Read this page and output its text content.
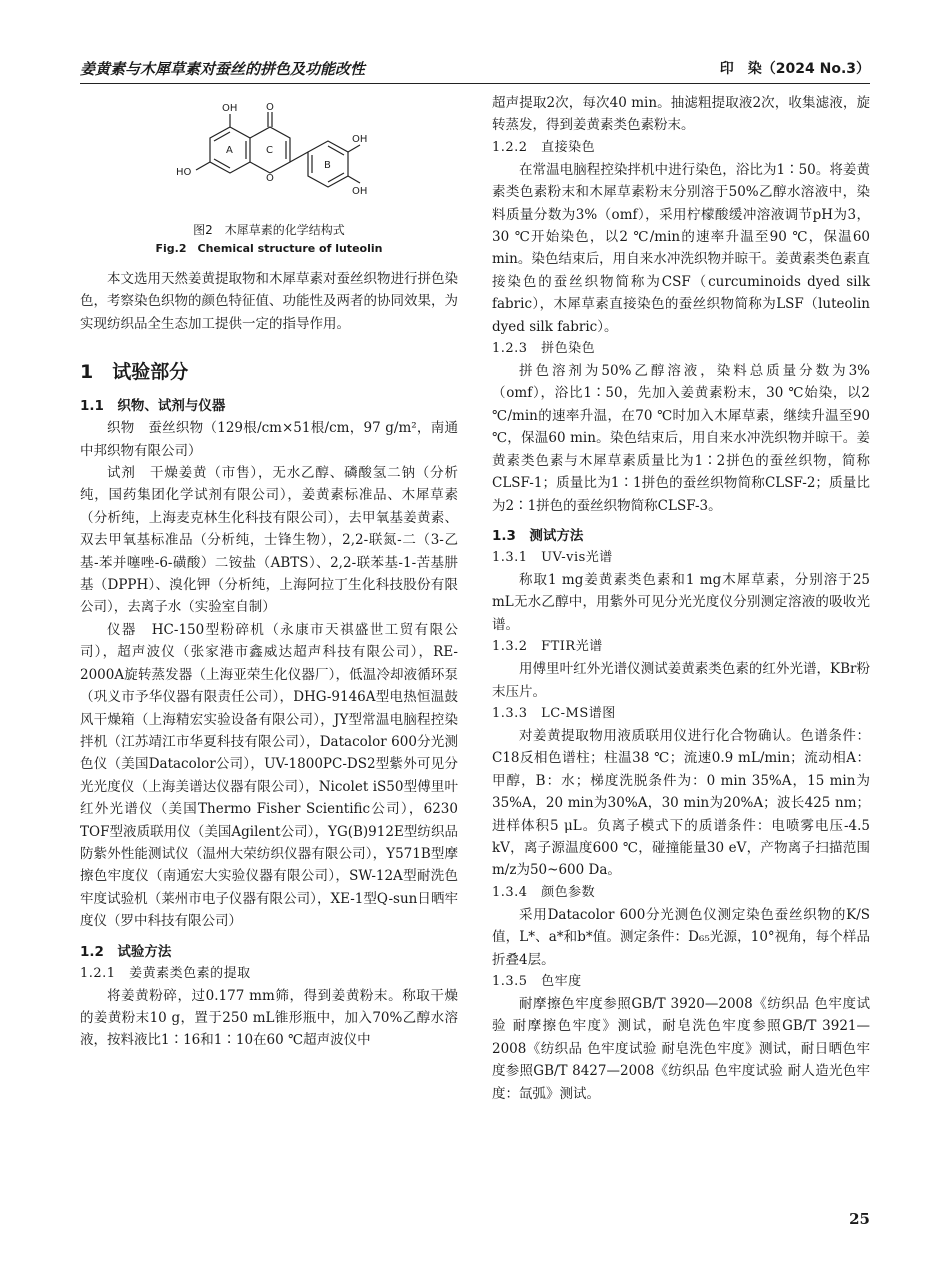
姜黄素与木犀草素对蚕丝的拼色及功能改性	印　染（2024 No.3）
OH	O
HO
O
OH
OH
A	C
B
图2　木犀草素的化学结构式
Fig.2　Chemical structure of luteolin

本文选用天然姜黄提取物和木犀草素对蚕丝织物进行拼色染色，考察染色织物的颜色特征值、功能性及两者的协同效果，为实现纺织品全生态加工提供一定的指导作用。

1　试验部分
1.1　织物、试剂与仪器

织物　蚕丝织物（129根/cm×51根/cm，97 g/m²，南通中邦织物有限公司）

试剂　干燥姜黄（市售），无水乙醇、磷酸氢二钠（分析纯，国药集团化学试剂有限公司），姜黄素标准品、木犀草素（分析纯，上海麦克林生化科技有限公司），去甲氧基姜黄素、双去甲氧基标准品（分析纯，士锋生物），2,2-联氮-二（3-乙基-苯并噻唑-6-磺酸）二铵盐（ABTS）、2,2-联苯基-1-苦基肼基（DPPH）、溴化钾（分析纯，上海阿拉丁生化科技股份有限公司），去离子水（实验室自制）

仪器　HC-150型粉碎机（永康市天祺盛世工贸有限公司），超声波仪（张家港市鑫威达超声科技有限公司），RE-2000A旋转蒸发器（上海亚荣生化仪器厂），低温冷却液循环泵（巩义市予华仪器有限责任公司），DHG-9146A型电热恒温鼓风干燥箱（上海精宏实验设备有限公司），JY型常温电脑程控染拌机（江苏靖江市华夏科技有限公司），Datacolor 600分光测色仪（美国Datacolor公司），UV-1800PC-DS2型紫外可见分光光度仪（上海美谱达仪器有限公司），Nicolet iS50型傅里叶红外光谱仪（美国Thermo Fisher Scientific公司），6230 TOF型液质联用仪（美国Agilent公司），YG(B)912E型纺织品防紫外性能测试仪（温州大荣纺织仪器有限公司），Y571B型摩擦色牢度仪（南通宏大实验仪器有限公司），SW-12A型耐洗色牢度试验机（莱州市电子仪器有限公司），XE-1型Q-sun日晒牢度仪（罗中科技有限公司）

1.2　试验方法
1.2.1　姜黄素类色素的提取

将姜黄粉碎，过0.177 mm筛，得到姜黄粉末。称取干燥的姜黄粉末10 g，置于250 mL锥形瓶中，加入70%乙醇水溶液，按料液比1∶16和1∶10在60 ℃超声波仪中

超声提取2次，每次40 min。抽滤粗提取液2次，收集滤液，旋转蒸发，得到姜黄素类色素粉末。

1.2.2　直接染色

在常温电脑程控染拌机中进行染色，浴比为1∶50。将姜黄素类色素粉末和木犀草素粉末分别溶于50%乙醇水溶液中，染料质量分数为3%（omf），采用柠檬酸缓冲溶液调节pH为3，30 ℃开始染色，以2 ℃/min的速率升温至90 ℃，保温60 min。染色结束后，用自来水冲洗织物并晾干。姜黄素类色素直接染色的蚕丝织物简称为CSF（curcuminoids dyed silk fabric），木犀草素直接染色的蚕丝织物简称为LSF（luteolin dyed silk fabric）。

1.2.3　拼色染色

拼色溶剂为50%乙醇溶液，染料总质量分数为3%（omf），浴比1∶50，先加入姜黄素粉末，30 ℃始染，以2 ℃/min的速率升温，在70 ℃时加入木犀草素，继续升温至90 ℃，保温60 min。染色结束后，用自来水冲洗织物并晾干。姜黄素类色素与木犀草素质量比为1∶2拼色的蚕丝织物，简称CLSF-1；质量比为1∶1拼色的蚕丝织物简称CLSF-2；质量比为2∶1拼色的蚕丝织物简称CLSF-3。

1.3　测试方法
1.3.1　UV-vis光谱

称取1 mg姜黄素类色素和1 mg木犀草素，分别溶于25 mL无水乙醇中，用紫外可见分光光度仪分别测定溶液的吸收光谱。

1.3.2　FTIR光谱

用傅里叶红外光谱仪测试姜黄素类色素的红外光谱，KBr粉末压片。

1.3.3　LC-MS谱图

对姜黄提取物用液质联用仪进行化合物确认。色谱条件：C18反相色谱柱；柱温38 ℃；流速0.9 mL/min；流动相A：甲醇，B：水；梯度洗脱条件为：0 min 35%A，15 min为35%A，20 min为30%A，30 min为20%A；波长425 nm；进样体积5 μL。负离子模式下的质谱条件：电喷雾电压-4.5 kV，离子源温度600 ℃，碰撞能量30 eV，产物离子扫描范围m/z为50~600 Da。

1.3.4　颜色参数

采用Datacolor 600分光测色仪测定染色蚕丝织物的K/S值，L*、a*和b*值。测定条件：D₆₅光源，10°视角，每个样品折叠4层。

1.3.5　色牢度

耐摩擦色牢度参照GB/T 3920—2008《纺织品 色牢度试验 耐摩擦色牢度》测试，耐皂洗色牢度参照GB/T 3921—2008《纺织品 色牢度试验 耐皂洗色牢度》测试，耐日晒色牢度参照GB/T 8427—2008《纺织品 色牢度试验 耐人造光色牢度：氙弧》测试。

25
